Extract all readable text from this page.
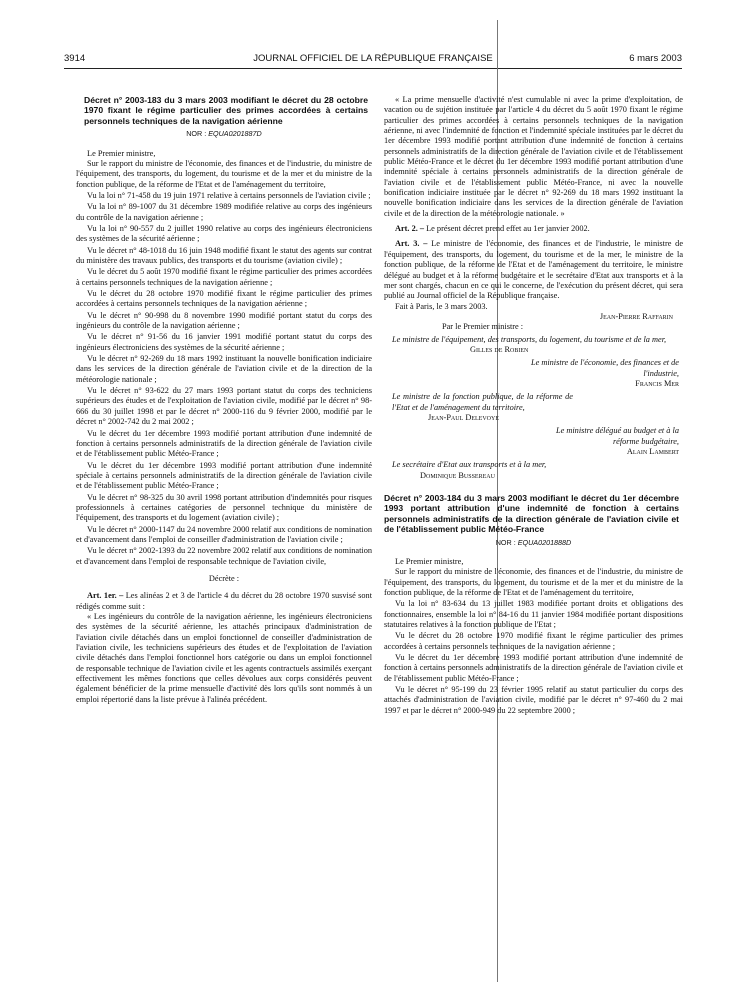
3914	JOURNAL OFFICIEL DE LA RÉPUBLIQUE FRANÇAISE	6 mars 2003
Décret n° 2003-183 du 3 mars 2003 modifiant le décret du 28 octobre 1970 fixant le régime particulier des primes accordées à certains personnels techniques de la navigation aérienne
NOR : EQUA0201887D

Le Premier ministre,

Sur le rapport du ministre de l'économie, des finances et de l'industrie, du ministre de l'équipement, des transports, du logement, du tourisme et de la mer et du ministre de la fonction publique, de la réforme de l'Etat et de l'aménagement du territoire,

Vu la loi n° 71-458 du 19 juin 1971 relative à certains personnels de l'aviation civile ;

Vu la loi n° 89-1007 du 31 décembre 1989 modifiée relative au corps des ingénieurs du contrôle de la navigation aérienne ;

Vu la loi n° 90-557 du 2 juillet 1990 relative au corps des ingénieurs électroniciens des systèmes de la sécurité aérienne ;

Vu le décret n° 48-1018 du 16 juin 1948 modifié fixant le statut des agents sur contrat du ministère des travaux publics, des transports et du tourisme (aviation civile) ;

Vu le décret du 5 août 1970 modifié fixant le régime particulier des primes accordées à certains personnels techniques de la navigation aérienne ;

Vu le décret du 28 octobre 1970 modifié fixant le régime particulier des primes accordées à certains personnels techniques de la navigation aérienne ;

Vu le décret n° 90-998 du 8 novembre 1990 modifié portant statut du corps des ingénieurs du contrôle de la navigation aérienne ;

Vu le décret n° 91-56 du 16 janvier 1991 modifié portant statut du corps des ingénieurs électroniciens des systèmes de la sécurité aérienne ;

Vu le décret n° 92-269 du 18 mars 1992 instituant la nouvelle bonification indiciaire dans les services de la direction générale de l'aviation civile et de la direction de la météorologie nationale ;

Vu le décret n° 93-622 du 27 mars 1993 portant statut du corps des techniciens supérieurs des études et de l'exploitation de l'aviation civile, modifié par le décret n° 98-666 du 30 juillet 1998 et par le décret n° 2000-116 du 9 février 2000, modifié par le décret n° 2002-742 du 2 mai 2002 ;

Vu le décret du 1er décembre 1993 modifié portant attribution d'une indemnité de fonction à certains personnels administratifs de la direction générale de l'aviation civile et de l'établissement public Météo-France ;

Vu le décret du 1er décembre 1993 modifié portant attribution d'une indemnité spéciale à certains personnels administratifs de la direction générale de l'aviation civile et de l'établissement public Météo-France ;

Vu le décret n° 98-325 du 30 avril 1998 portant attribution d'indemnités pour risques professionnels à certaines catégories de personnel technique du ministère de l'équipement, des transports et du logement (aviation civile) ;

Vu le décret n° 2000-1147 du 24 novembre 2000 relatif aux conditions de nomination et d'avancement dans l'emploi de conseiller d'administration de l'aviation civile ;

Vu le décret n° 2002-1393 du 22 novembre 2002 relatif aux conditions de nomination et d'avancement dans l'emploi de responsable technique de l'aviation civile,

Décrète :

Art. 1er. – Les alinéas 2 et 3 de l'article 4 du décret du 28 octobre 1970 susvisé sont rédigés comme suit :

« Les ingénieurs du contrôle de la navigation aérienne, les ingénieurs électroniciens des systèmes de la sécurité aérienne, les attachés principaux d'administration de l'aviation civile détachés dans un emploi fonctionnel de conseiller d'administration de l'aviation civile, les techniciens supérieurs des études et de l'exploitation de l'aviation civile détachés dans l'emploi fonctionnel hors catégorie ou dans un emploi fonctionnel de responsable technique de l'aviation civile et les agents contractuels assimilés exerçant effectivement les mêmes fonctions que celles dévolues aux corps considérés peuvent également bénéficier de la prime mensuelle d'activité dès lors qu'ils sont nommés à un emploi répertorié dans la liste prévue à l'alinéa précédent.

« La prime mensuelle d'activité n'est cumulable ni avec la prime d'exploitation, de vacation ou de sujétion instituée par l'article 4 du décret du 5 août 1970 fixant le régime particulier des primes accordées à certains personnels techniques de la navigation aérienne, ni avec l'indemnité de fonction et l'indemnité spéciale instituées par le décret du 1er décembre 1993 modifié portant attribution d'une indemnité de fonction à certains personnels administratifs de la direction générale de l'aviation civile et de l'établissement public Météo-France et le décret du 1er décembre 1993 modifié portant attribution d'une indemnité spéciale à certains personnels administratifs de la direction générale de l'aviation civile et de l'établissement public Météo-France, ni avec la nouvelle bonification indiciaire instituée par le décret n° 92-269 du 18 mars 1992 instituant la nouvelle bonification indiciaire dans les services de la direction générale de l'aviation civile et de la direction de la météorologie nationale. »

Art. 2. – Le présent décret prend effet au 1er janvier 2002.

Art. 3. – Le ministre de l'économie, des finances et de l'industrie, le ministre de l'équipement, des transports, du logement, du tourisme et de la mer, le ministre de la fonction publique, de la réforme de l'Etat et de l'aménagement du territoire, le ministre délégué au budget et à la réforme budgétaire et le secrétaire d'Etat aux transports et à la mer sont chargés, chacun en ce qui le concerne, de l'exécution du présent décret, qui sera publié au Journal officiel de la République française.

Fait à Paris, le 3 mars 2003.

Jean-Pierre Raffarin

Par le Premier ministre :

Le ministre de l'équipement, des transports, du logement, du tourisme et de la mer,
Gilles de Robien
Le ministre de l'économie, des finances et de l'industrie,
Francis Mer
Le ministre de la fonction publique, de la réforme de l'Etat et de l'aménagement du territoire,
Jean-Paul Delevoye
Le ministre délégué au budget et à la réforme budgétaire,
Alain Lambert
Le secrétaire d'Etat aux transports et à la mer,
Dominique Bussereau
Décret n° 2003-184 du 3 mars 2003 modifiant le décret du 1er décembre 1993 portant attribution d'une indemnité de fonction à certains personnels administratifs de la direction générale de l'aviation civile et de l'établissement public Météo-France
NOR : EQUA0201888D

Le Premier ministre,

Sur le rapport du ministre de l'économie, des finances et de l'industrie, du ministre de l'équipement, des transports, du logement, du tourisme et de la mer et du ministre de la fonction publique, de la réforme de l'Etat et de l'aménagement du territoire,

Vu la loi n° 83-634 du 13 juillet 1983 modifiée portant droits et obligations des fonctionnaires, ensemble la loi n° 84-16 du 11 janvier 1984 modifiée portant dispositions statutaires relatives à la fonction publique de l'Etat ;

Vu le décret du 28 octobre 1970 modifié fixant le régime particulier des primes accordées à certains personnels techniques de la navigation aérienne ;

Vu le décret du 1er décembre 1993 modifié portant attribution d'une indemnité de fonction à certains personnels administratifs de la direction générale de l'aviation civile et de l'établissement public Météo-France ;

Vu le décret n° 95-199 du 23 février 1995 relatif au statut particulier du corps des attachés d'administration de l'aviation civile, modifié par le décret n° 97-460 du 2 mai 1997 et par le décret n° 2000-949 du 22 septembre 2000 ;
